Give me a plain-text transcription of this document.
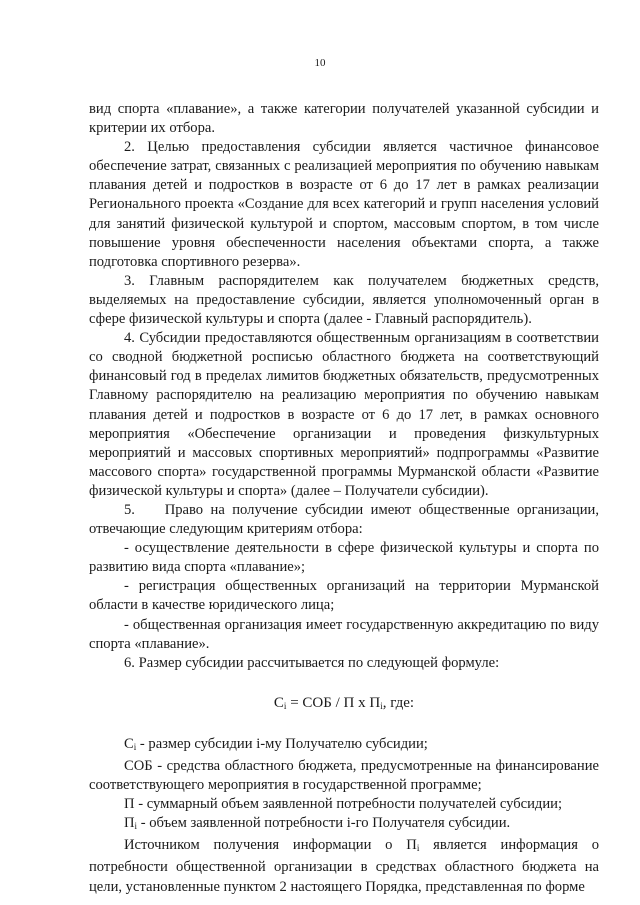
10

вид спорта «плавание», а также категории получателей указанной субсидии и критерии их отбора.

2. Целью предоставления субсидии является частичное финансовое обеспечение затрат, связанных с реализацией мероприятия по обучению навыкам плавания детей и подростков в возрасте от 6 до 17 лет в рамках реализации Регионального проекта «Создание для всех категорий и групп населения условий для занятий физической культурой и спортом, массовым спортом, в том числе повышение уровня обеспеченности населения объектами спорта, а также подготовка спортивного резерва».

3. Главным распорядителем как получателем бюджетных средств, выделяемых на предоставление субсидии, является уполномоченный орган в сфере физической культуры и спорта (далее - Главный распорядитель).

4. Субсидии предоставляются общественным организациям в соответствии со сводной бюджетной росписью областного бюджета на соответствующий финансовый год в пределах лимитов бюджетных обязательств, предусмотренных Главному распорядителю на реализацию мероприятия по обучению навыкам плавания детей и подростков в возрасте от 6 до 17 лет, в рамках основного мероприятия «Обеспечение организации и проведения физкультурных мероприятий и массовых спортивных мероприятий» подпрограммы «Развитие массового спорта» государственной программы Мурманской области «Развитие физической культуры и спорта» (далее – Получатели субсидии).

5.    Право на получение субсидии имеют общественные организации, отвечающие следующим критериям отбора:

- осуществление деятельности в сфере физической культуры и спорта по развитию вида спорта «плавание»;

- регистрация общественных организаций на территории Мурманской области в качестве юридического лица;

- общественная организация имеет государственную аккредитацию по виду спорта «плавание».

6. Размер субсидии рассчитывается по следующей формуле:

$C_i$ = СОБ / П х $П_i$, где:

$C_i$ - размер субсидии i-му Получателю субсидии;

СОБ - средства областного бюджета, предусмотренные на финансирование соответствующего мероприятия в государственной программе;

П - суммарный объем заявленной потребности получателей субсидии;

$П_i$ - объем заявленной потребности i-го Получателя субсидии.

Источником получения информации о $П_i$ является информация о потребности общественной организации в средствах областного бюджета на цели, установленные пунктом 2 настоящего Порядка, представленная по форме
